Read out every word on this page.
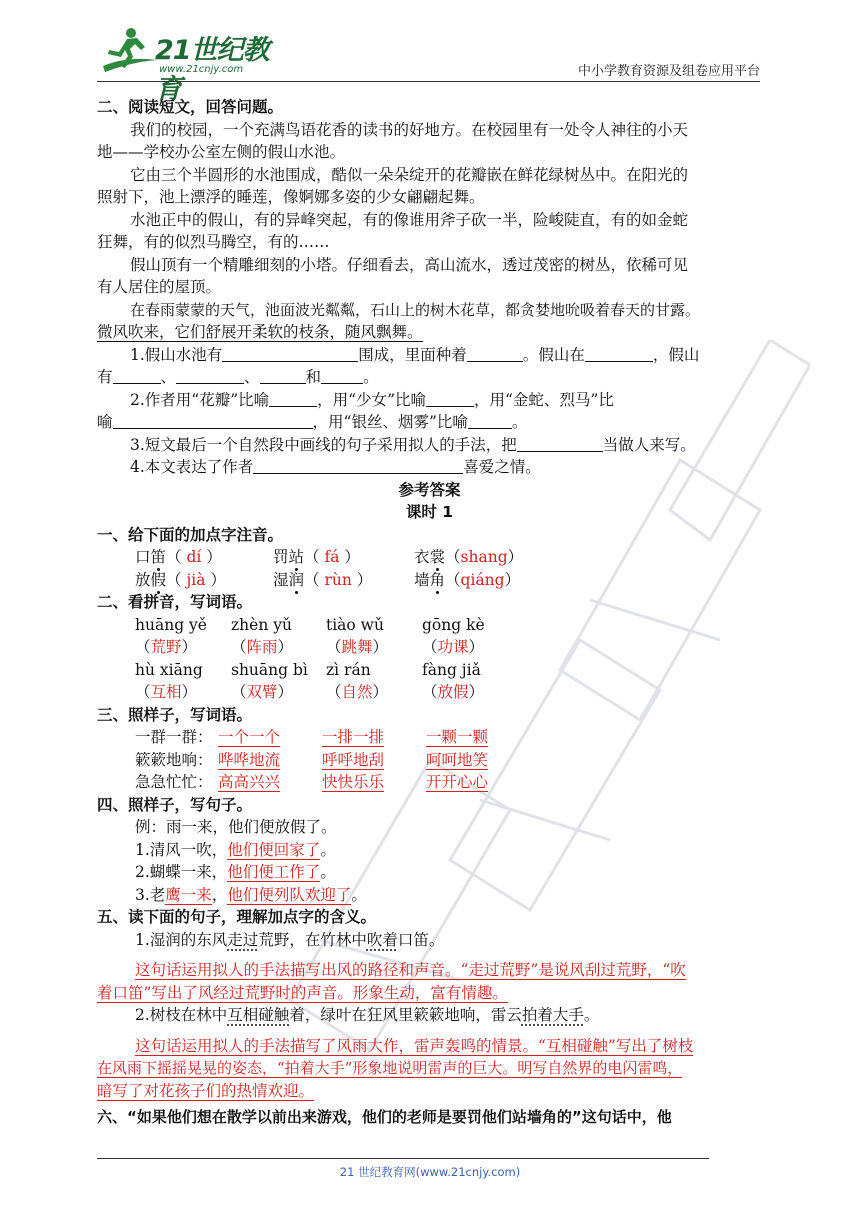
21世纪教育
www.21cnjy.com	中小学教育资源及组卷应用平台
二、阅读短文，回答问题。
我们的校园，一个充满鸟语花香的读书的好地方。在校园里有一处令人神往的小天
地——学校办公室左侧的假山水池。
它由三个半圆形的水池围成，酷似一朵朵绽开的花瓣嵌在鲜花绿树丛中。在阳光的
照射下，池上漂浮的睡莲，像婀娜多姿的少女翩翩起舞。
水池正中的假山，有的异峰突起，有的像谁用斧子砍一半，险峻陡直，有的如金蛇
狂舞，有的似烈马腾空，有的……
假山顶有一个精雕细刻的小塔。仔细看去，高山流水，透过茂密的树丛，依稀可见
有人居住的屋顶。
在春雨蒙蒙的天气，池面波光粼粼，石山上的树木花草，都贪婪地吮吸着春天的甘露。
微风吹来，它们舒展开柔软的枝条，随风飘舞。
1.假山水池有	围成，里面种着	。假山在	，假山
有	、	、	和	。
2.作者用“花瓣”比喻	，用“少女”比喻	，用“金蛇、烈马”比
喻	，用“银丝、烟雾”比喻	。
3.短文最后一个自然段中画线的句子采用拟人的手法，把	当做人来写。
4.本文表达了作者	喜爱之情。
参考答案
课时 1
一、给下面的加点字注音。
口笛（ dí ）	罚站（ fá ）	衣裳（shang）
放假（ jià ）	湿润（ rùn ）	墙角（qiáng）
二、看拼音，写词语。
huāng yě	zhèn yǔ	tiào wǔ	gōng kè
（荒野）	（阵雨）	（跳舞）	（功课）
hù xiāng	shuāng bì	zì rán	fàng jiǎ
（互相）	（双臂）	（自然）	（放假）
三、照样子，写词语。
一群一群： 一个一个	一排一排	一颗一颗
簌簌地响： 哗哗地流	呼呼地刮	呵呵地笑
急急忙忙： 高高兴兴	快快乐乐	开开心心
四、照样子，写句子。
例：雨一来，他们便放假了。
1.清风一吹，他们便回家了。
2.蝴蝶一来，他们便工作了。
3.老鹰一来，他们便列队欢迎了。
五、读下面的句子，理解加点字的含义。
1.湿润的东风走过荒野，在竹林中吹着口笛。
这句话运用拟人的手法描写出风的路径和声音。“走过荒野”是说风刮过荒野，“吹
着口笛”写出了风经过荒野时的声音。形象生动，富有情趣。
2.树枝在林中互相碰触着，绿叶在狂风里簌簌地响，雷云拍着大手。
这句话运用拟人的手法描写了风雨大作，雷声轰鸣的情景。“互相碰触”写出了树枝
在风雨下摇摇晃晃的姿态，“拍着大手”形象地说明雷声的巨大。明写自然界的电闪雷鸣，
暗写了对花孩子们的热情欢迎。
六、“如果他们想在散学以前出来游戏，他们的老师是要罚他们站墙角的”这句话中，他
21 世纪教育网(www.21cnjy.com)
